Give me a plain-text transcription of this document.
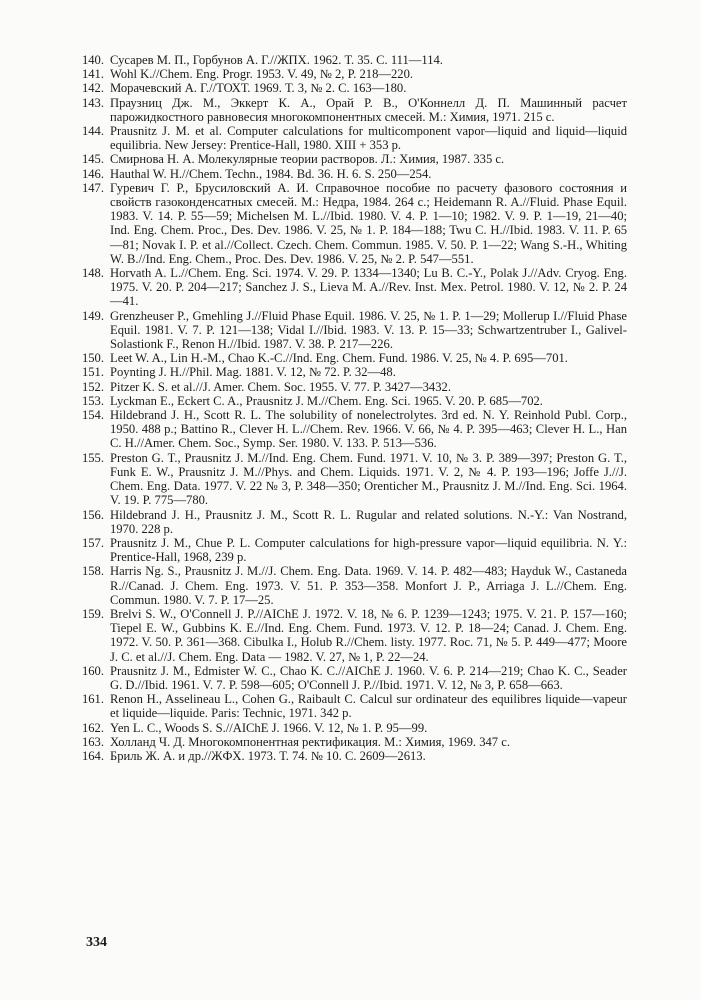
140. Сусарев М. П., Горбунов А. Г.//ЖПХ. 1962. Т. 35. С. 111—114.
141. Wohl K.//Chem. Eng. Progr. 1953. V. 49, № 2, P. 218—220.
142. Морачевский А. Г.//ТОХТ. 1969. Т. 3, № 2. С. 163—180.
143. Праузниц Дж. М., Эккерт К. А., Орай Р. В., О'Коннелл Д. П. Машинный расчет парожидкостного равновесия многокомпонентных смесей. М.: Химия, 1971. 215 с.
144. Prausnitz J. M. et al. Computer calculations for multicomponent vapor—liquid and liquid—liquid equilibria. New Jersey: Prentice-Hall, 1980. XIII + 353 p.
145. Смирнова Н. А. Молекулярные теории растворов. Л.: Химия, 1987. 335 с.
146. Hauthal W. H.//Chem. Techn., 1984. Bd. 36. H. 6. S. 250—254.
147. Гуревич Г. Р., Брусиловский А. И. Справочное пособие по расчету фазового состояния и свойств газоконденсатных смесей. М.: Недра, 1984. 264 с.; Heidemann R. A.//Fluid. Phase Equil. 1983. V. 14. P. 55—59; Michelsen M. L.//Ibid. 1980. V. 4. P. 1—10; 1982. V. 9. P. 1—19, 21—40; Ind. Eng. Chem. Proc., Des. Dev. 1986. V. 25, № 1. P. 184—188; Twu C. H.//Ibid. 1983. V. 11. P. 65—81; Novak I. P. et al.//Collect. Czech. Chem. Commun. 1985. V. 50. P. 1—22; Wang S.-H., Whiting W. B.//Ind. Eng. Chem., Proc. Des. Dev. 1986. V. 25, № 2. P. 547—551.
148. Horvath A. L.//Chem. Eng. Sci. 1974. V. 29. P. 1334—1340; Lu B. C.-Y., Polak J.//Adv. Cryog. Eng. 1975. V. 20. P. 204—217; Sanchez J. S., Lieva M. A.//Rev. Inst. Mex. Petrol. 1980. V. 12, № 2. P. 24—41.
149. Grenzheuser P., Gmehling J.//Fluid Phase Equil. 1986. V. 25, № 1. P. 1—29; Mollerup I.//Fluid Phase Equil. 1981. V. 7. P. 121—138; Vidal I.//Ibid. 1983. V. 13. P. 15—33; Schwartzentruber I., Galivel-Solastionk F., Renon H.//Ibid. 1987. V. 38. P. 217—226.
150. Leet W. A., Lin H.-M., Chao K.-C.//Ind. Eng. Chem. Fund. 1986. V. 25, № 4. P. 695—701.
151. Poynting J. H.//Phil. Mag. 1881. V. 12, № 72. P. 32—48.
152. Pitzer K. S. et al.//J. Amer. Chem. Soc. 1955. V. 77. P. 3427—3432.
153. Lyckman E., Eckert C. A., Prausnitz J. M.//Chem. Eng. Sci. 1965. V. 20. P. 685—702.
154. Hildebrand J. H., Scott R. L. The solubility of nonelectrolytes. 3rd ed. N. Y. Reinhold Publ. Corp., 1950. 488 p.; Battino R., Clever H. L.//Chem. Rev. 1966. V. 66, № 4. P. 395—463; Clever H. L., Han C. H.//Amer. Chem. Soc., Symp. Ser. 1980. V. 133. P. 513—536.
155. Preston G. T., Prausnitz J. M.//Ind. Eng. Chem. Fund. 1971. V. 10, № 3. P. 389—397; Preston G. T., Funk E. W., Prausnitz J. M.//Phys. and Chem. Liquids. 1971. V. 2, № 4. P. 193—196; Joffe J.//J. Chem. Eng. Data. 1977. V. 22 № 3, P. 348—350; Orenticher M., Prausnitz J. M.//Ind. Eng. Sci. 1964. V. 19. P. 775—780.
156. Hildebrand J. H., Prausnitz J. M., Scott R. L. Rugular and related solutions. N.-Y.: Van Nostrand, 1970. 228 p.
157. Prausnitz J. M., Chue P. L. Computer calculations for high-pressure vapor—liquid equilibria. N. Y.: Prentice-Hall, 1968, 239 p.
158. Harris Ng. S., Prausnitz J. M.//J. Chem. Eng. Data. 1969. V. 14. P. 482—483; Hayduk W., Castaneda R.//Canad. J. Chem. Eng. 1973. V. 51. P. 353—358. Monfort J. P., Arriaga J. L.//Chem. Eng. Commun. 1980. V. 7. P. 17—25.
159. Brelvi S. W., O'Connell J. P.//AIChE J. 1972. V. 18, № 6. P. 1239—1243; 1975. V. 21. P. 157—160; Tiepel E. W., Gubbins K. E.//Ind. Eng. Chem. Fund. 1973. V. 12. P. 18—24; Canad. J. Chem. Eng. 1972. V. 50. P. 361—368. Cibulka I., Holub R.//Chem. listy. 1977. Roc. 71, № 5. P. 449—477; Moore J. C. et al.//J. Chem. Eng. Data — 1982. V. 27, № 1, P. 22—24.
160. Prausnitz J. M., Edmister W. C., Chao K. C.//AIChE J. 1960. V. 6. P. 214—219; Chao K. C., Seader G. D.//Ibid. 1961. V. 7. P. 598—605; O'Connell J. P.//Ibid. 1971. V. 12, № 3, P. 658—663.
161. Renon H., Asselineau L., Cohen G., Raibault C. Calcul sur ordinateur des equilibres liquide—vapeur et liquide—liquide. Paris: Technic, 1971. 342 p.
162. Yen L. C., Woods S. S.//AIChE J. 1966. V. 12, № 1. P. 95—99.
163. Холланд Ч. Д. Многокомпонентная ректификация. М.: Химия, 1969. 347 с.
164. Бриль Ж. А. и др.//ЖФХ. 1973. Т. 74. № 10. С. 2609—2613.
334
